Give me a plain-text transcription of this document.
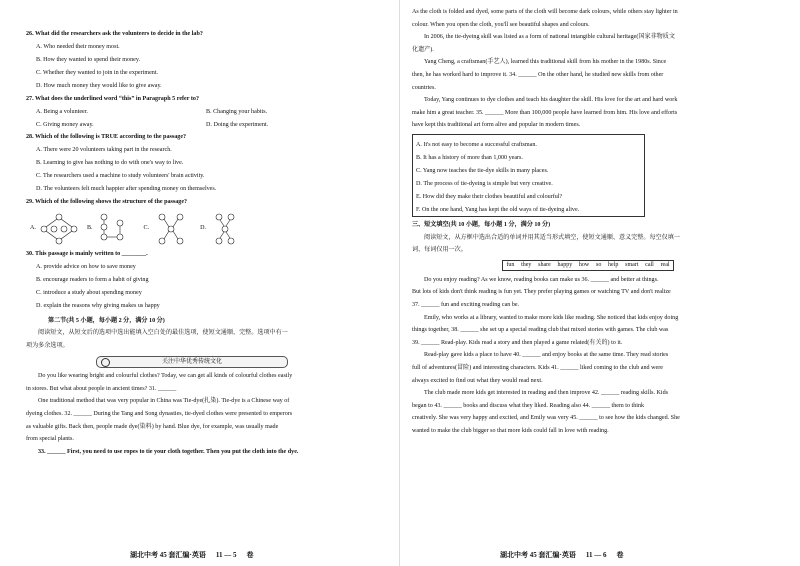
26. What did the researchers ask the volunteers to decide in the lab?

A. Who needed their money most.

B. How they wanted to spend their money.

C. Whether they wanted to join in the experiment.

D. How much money they would like to give away.

27. What does the underlined word “this” in Paragraph 5 refer to?

A. Being a volunteer.	B. Changing your habits.
C. Giving money away.	D. Doing the experiment.

28. Which of the following is TRUE according to the passage?

A. There were 20 volunteers taking part in the research.

B. Learning to give has nothing to do with one's way to live.

C. The researchers used a machine to study volunteers' brain activity.

D. The volunteers felt much happier after spending money on themselves.

29. Which of the following shows the structure of the passage?

A.	B.	C.	D.

30. This passage is mainly written to ________.

A. provide advice on how to save money

B. encourage readers to form a habit of giving

C. introduce a study about spending money

D. explain the reasons why giving makes us happy

第二节(共 5 小题，每小题 2 分，满分 10 分)

阅读短文，从短文后的选项中选出能填入空白处的最佳选项，使短文通顺、完整。选项中有一

项为多余选项。

关注中华优秀传统文化

Do you like wearing bright and colourful clothes? Today, we can get all kinds of colourful clothes easily

in stores. But what about people in ancient times? 31. ______

One traditional method that was very popular in China was Tie-dye(扎染). Tie-dye is a Chinese way of

dyeing clothes. 32. ______ During the Tang and Song dynasties, tie-dyed clothes were presented to emperors

as valuable gifts. Back then, people made dye(染料) by hand. Blue dye, for example, was usually made

from special plants.

33. ______ First, you need to use ropes to tie your cloth together. Then you put the cloth into the dye.

湖北中考 45 套汇编·英语 11 — 5 卷

As the cloth is folded and dyed, some parts of the cloth will become dark colours, while others stay lighter in

colour. When you open the cloth, you'll see beautiful shapes and colours.

In 2006, the tie-dyeing skill was listed as a form of national intangible cultural heritage(国家非物质文

化遗产).

Yang Cheng, a craftsman(手艺人), learned this traditional skill from his mother in the 1980s. Since

then, he has worked hard to improve it. 34. ______ On the other hand, he studied new skills from other

countries.

Today, Yang continues to dye clothes and teach his daughter the skill. His love for the art and hard work

make him a great teacher. 35. ______ More than 100,000 people have learned from him. His love and efforts

have kept this traditional art form alive and popular in modern times.

A. It's not easy to become a successful craftsman.

B. It has a history of more than 1,000 years.

C. Yang now teaches the tie-dye skills in many places.

D. The process of tie-dyeing is simple but very creative.

E. How did they make their clothes beautiful and colourful?

F. On the one hand, Yang has kept the old ways of tie-dyeing alive.

三、短文填空(共 10 小题，每小题 1 分，满分 10 分)

阅读短文，从方框中选出合适的单词并用其适当形式填空，使短文通顺、意义完整。每空仅填一

词，每词仅用一次。

fun they share happy how so help smart call real

Do you enjoy reading? As we know, reading books can make us 36. ______ and better at things.

But lots of kids don't think reading is fun yet. They prefer playing games or watching TV and don't realize

37. ______ fun and exciting reading can be.

Emily, who works at a library, wanted to make more kids like reading. She noticed that kids enjoy doing

things together, 38. ______ she set up a special reading club that mixed stories with games. The club was

39. ______ Read-play. Kids read a story and then played a game related(有关的) to it.

Read-play gave kids a place to have 40. ______ and enjoy books at the same time. They read stories

full of adventures(冒险) and interesting characters. Kids 41. ______ liked coming to the club and were

always excited to find out what they would read next.

The club made more kids get interested in reading and then improve 42. ______ reading skills. Kids

began to 43. ______ books and discuss what they liked. Reading also 44. ______ them to think

creatively. She was very happy and excited, and Emily was very 45. ______ to see how the kids changed. She

wanted to make the club bigger so that more kids could fall in love with reading.

湖北中考 45 套汇编·英语 11 — 6 卷
